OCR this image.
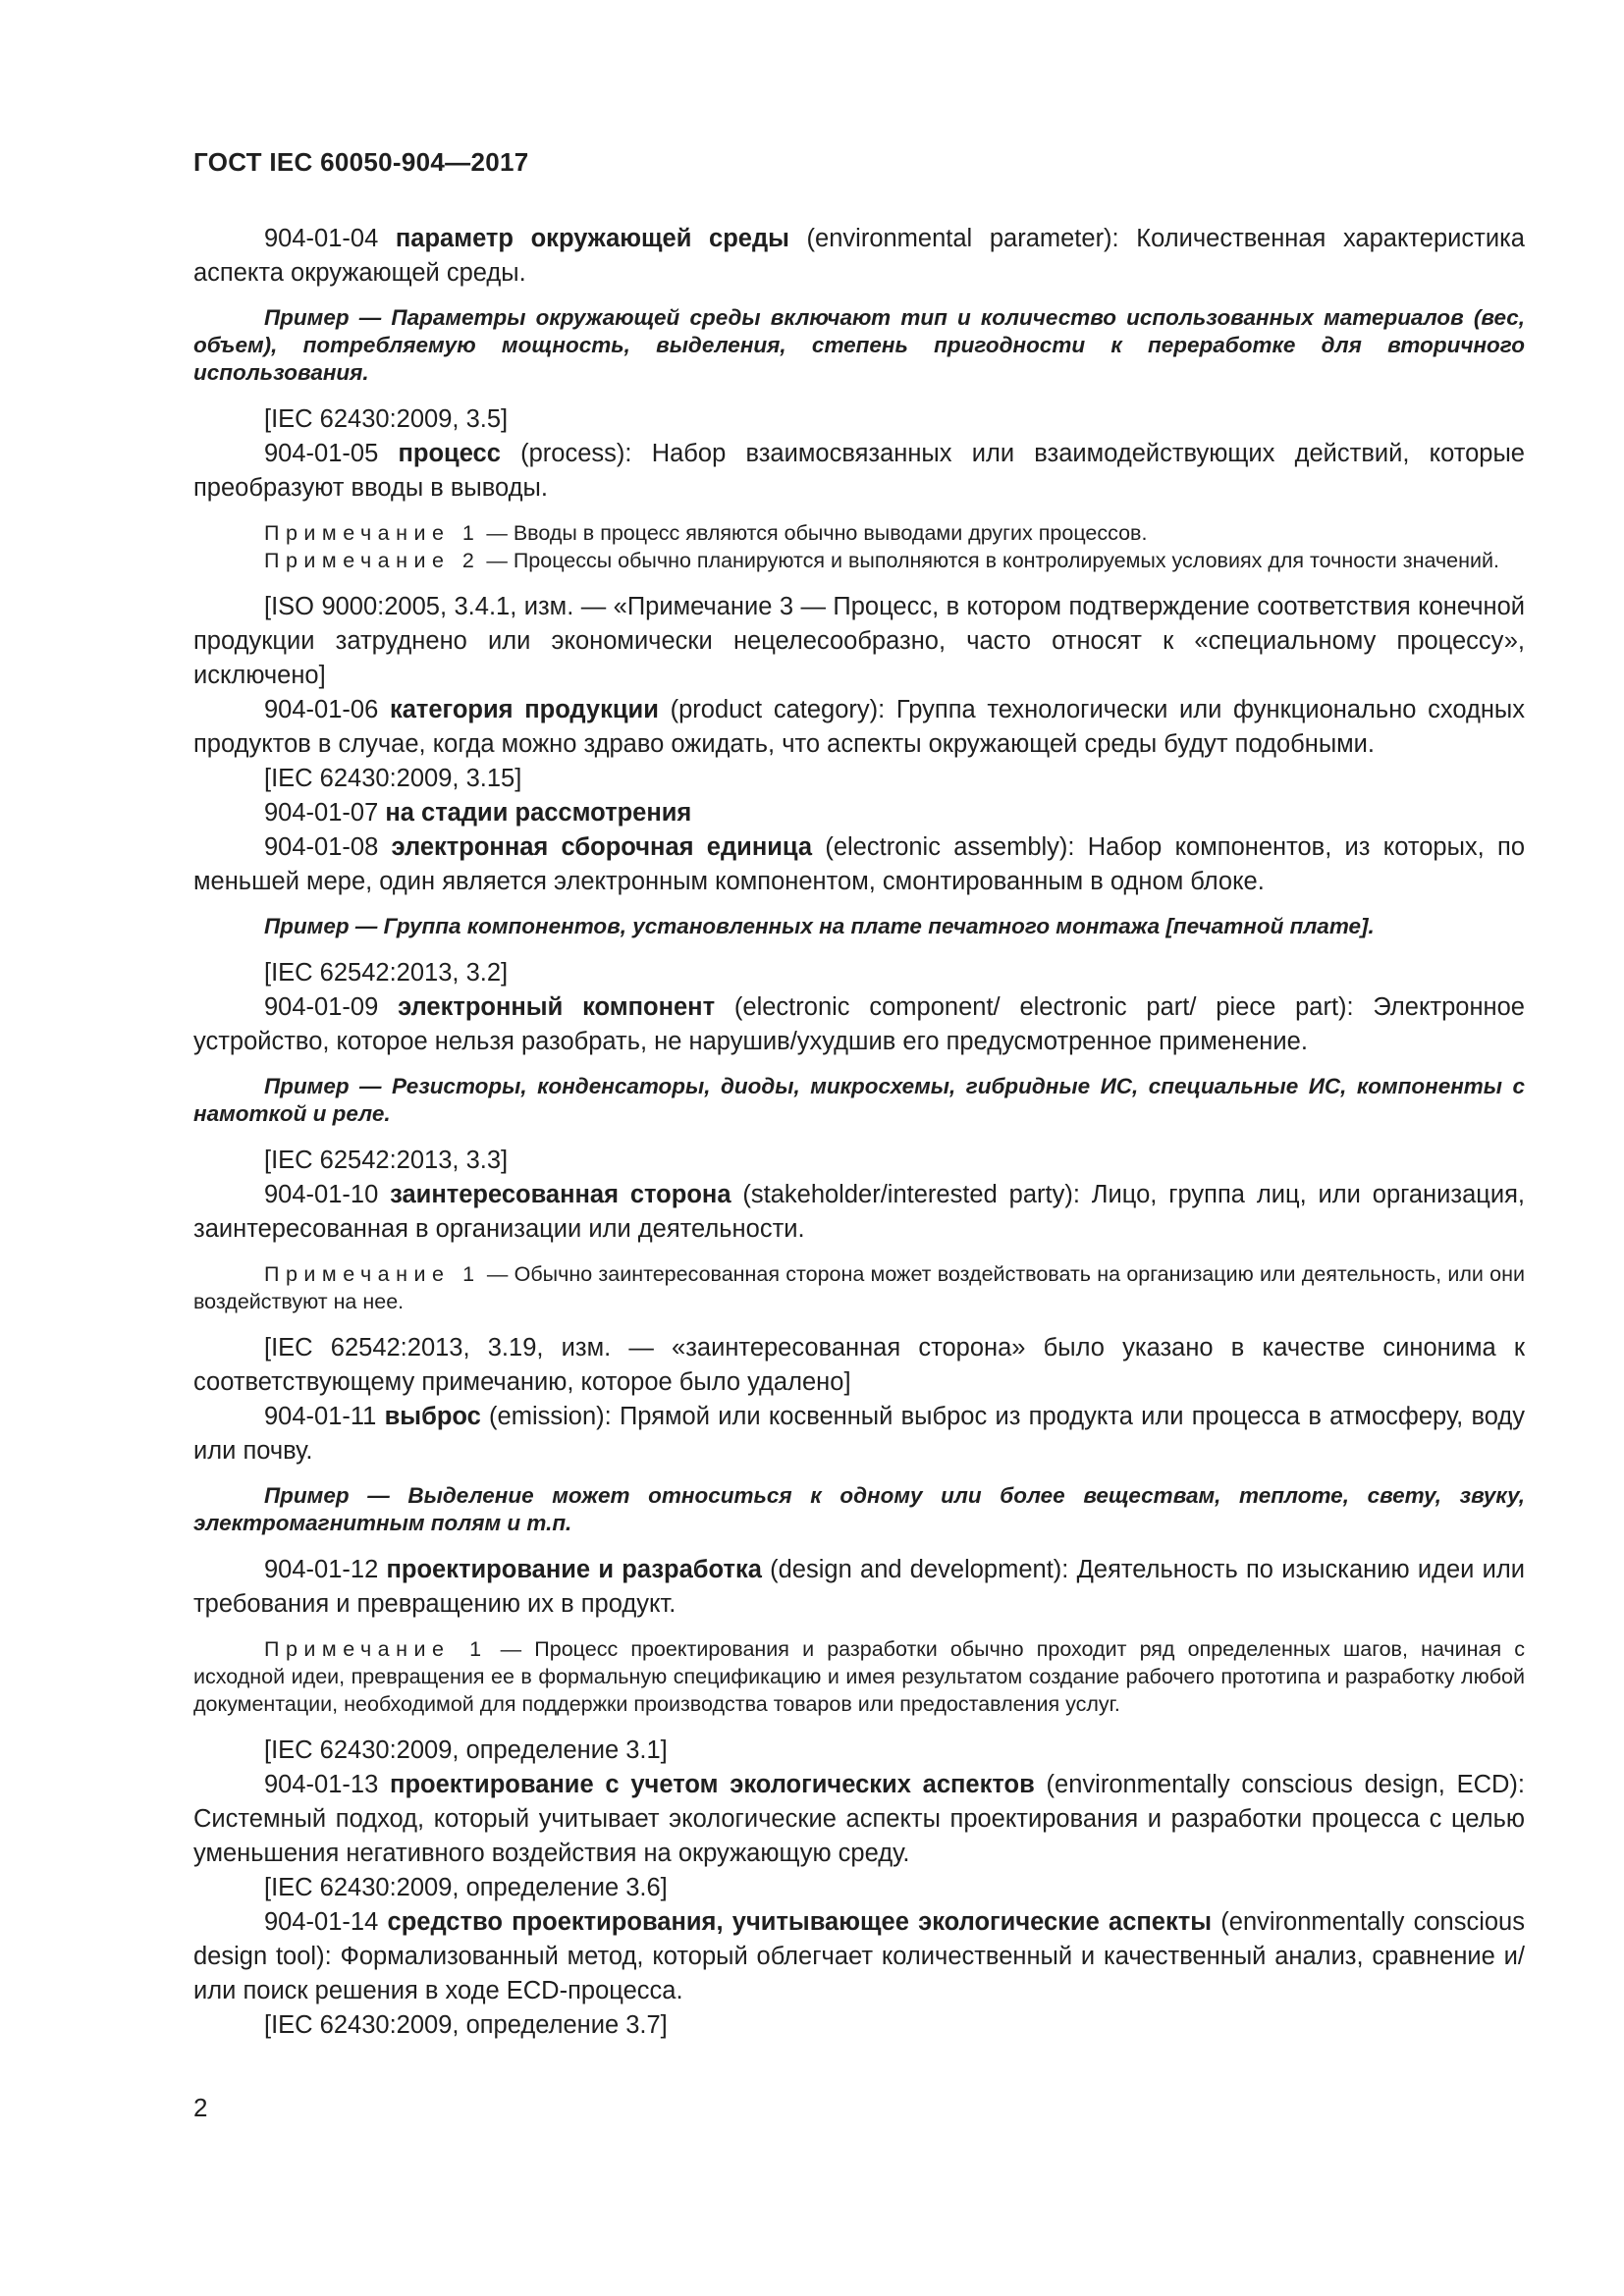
ГОСТ IEC 60050-904—2017

904-01-04 параметр окружающей среды (environmental parameter): Количественная характеристика аспекта окружающей среды.

Пример — Параметры окружающей среды включают тип и количество использованных материалов (вес, объем), потребляемую мощность, выделения, степень пригодности к переработке для вторичного использования.

[IEC 62430:2009, 3.5]

904-01-05 процесс (process): Набор взаимосвязанных или взаимодействующих действий, которые преобразуют вводы в выводы.

Примечание 1 — Вводы в процесс являются обычно выводами других процессов.

Примечание 2 — Процессы обычно планируются и выполняются в контролируемых условиях для точности значений.

[ISO 9000:2005, 3.4.1, изм. — «Примечание 3 — Процесс, в котором подтверждение соответствия конечной продукции затруднено или экономически нецелесообразно, часто относят к «специальному процессу», исключено]

904-01-06 категория продукции (product category): Группа технологически или функционально сходных продуктов в случае, когда можно здраво ожидать, что аспекты окружающей среды будут подобными.

[IEC 62430:2009, 3.15]

904-01-07 на стадии рассмотрения

904-01-08 электронная сборочная единица (electronic assembly): Набор компонентов, из которых, по меньшей мере, один является электронным компонентом, смонтированным в одном блоке.

Пример — Группа компонентов, установленных на плате печатного монтажа [печатной плате].

[IEC 62542:2013, 3.2]

904-01-09 электронный компонент (electronic component/ electronic part/ piece part): Электронное устройство, которое нельзя разобрать, не нарушив/ухудшив его предусмотренное применение.

Пример — Резисторы, конденсаторы, диоды, микросхемы, гибридные ИС, специальные ИС, компоненты с намоткой и реле.

[IEC 62542:2013, 3.3]

904-01-10 заинтересованная сторона (stakeholder/interested party): Лицо, группа лиц, или организация, заинтересованная в организации или деятельности.

Примечание 1 — Обычно заинтересованная сторона может воздействовать на организацию или деятельность, или они воздействуют на нее.

[IEC 62542:2013, 3.19, изм. — «заинтересованная сторона» было указано в качестве синонима к соответствующему примечанию, которое было удалено]

904-01-11 выброс (emission): Прямой или косвенный выброс из продукта или процесса в атмосферу, воду или почву.

Пример — Выделение может относиться к одному или более веществам, теплоте, свету, звуку, электромагнитным полям и т.п.

904-01-12 проектирование и разработка (design and development): Деятельность по изысканию идеи или требования и превращению их в продукт.

Примечание 1 — Процесс проектирования и разработки обычно проходит ряд определенных шагов, начиная с исходной идеи, превращения ее в формальную спецификацию и имея результатом создание рабочего прототипа и разработку любой документации, необходимой для поддержки производства товаров или предоставления услуг.

[IEC 62430:2009, определение 3.1]

904-01-13 проектирование с учетом экологических аспектов (environmentally conscious design, ECD): Системный подход, который учитывает экологические аспекты проектирования и разработки процесса с целью уменьшения негативного воздействия на окружающую среду.

[IEC 62430:2009, определение 3.6]

904-01-14 средство проектирования, учитывающее экологические аспекты (environmentally conscious design tool): Формализованный метод, который облегчает количественный и качественный анализ, сравнение и/или поиск решения в ходе ECD-процесса.

[IEC 62430:2009, определение 3.7]

2
